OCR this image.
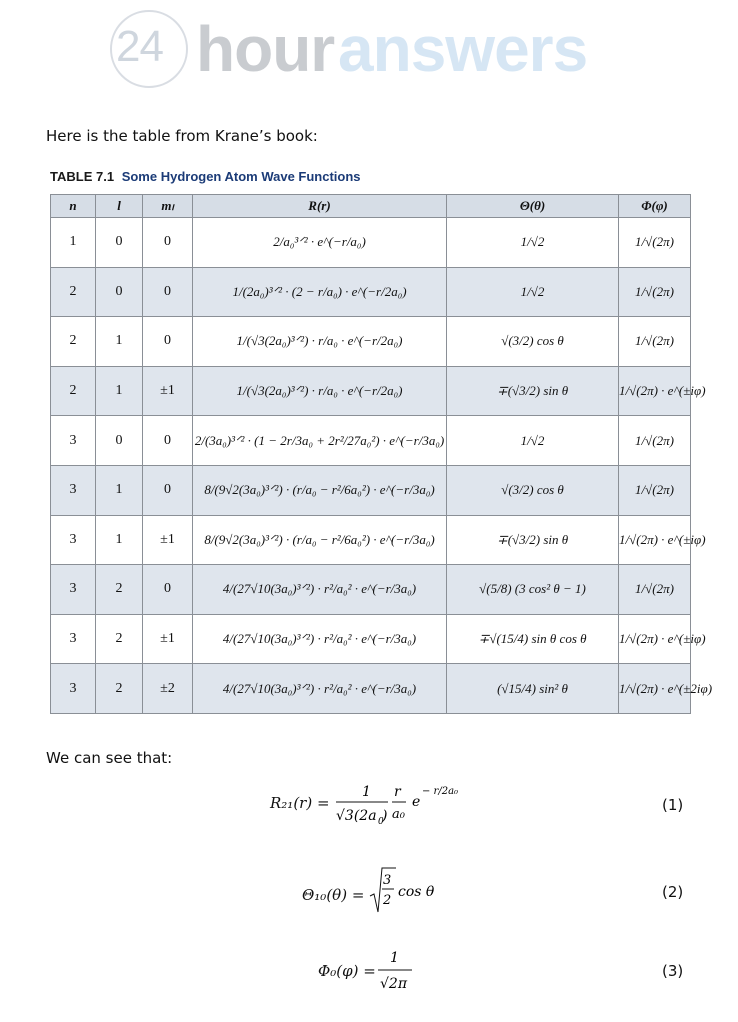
24 hour answers
Here is the table from Krane’s book:
TABLE 7.1 Some Hydrogen Atom Wave Functions
n	l	mₗ	R(r)	Θ(θ)	Φ(φ)
1	0	0	2/a₀³ᐟ² · e^(−r/a₀)	1/√2	1/√(2π)
2	0	0	1/(2a₀)³ᐟ² · (2 − r/a₀) · e^(−r/2a₀)	1/√2	1/√(2π)
2	1	0	1/(√3(2a₀)³ᐟ²) · r/a₀ · e^(−r/2a₀)	√(3/2) cos θ	1/√(2π)
2	1	±1	1/(√3(2a₀)³ᐟ²) · r/a₀ · e^(−r/2a₀)	∓(√3/2) sin θ	1/√(2π) · e^(±iφ)
3	0	0	2/(3a₀)³ᐟ² · (1 − 2r/3a₀ + 2r²/27a₀²) · e^(−r/3a₀)	1/√2	1/√(2π)
3	1	0	8/(9√2(3a₀)³ᐟ²) · (r/a₀ − r²/6a₀²) · e^(−r/3a₀)	√(3/2) cos θ	1/√(2π)
3	1	±1	8/(9√2(3a₀)³ᐟ²) · (r/a₀ − r²/6a₀²) · e^(−r/3a₀)	∓(√3/2) sin θ	1/√(2π) · e^(±iφ)
3	2	0	4/(27√10(3a₀)³ᐟ²) · r²/a₀² · e^(−r/3a₀)	√(5/8) (3 cos² θ − 1)	1/√(2π)
3	2	±1	4/(27√10(3a₀)³ᐟ²) · r²/a₀² · e^(−r/3a₀)	∓√(15/4) sin θ cos θ	1/√(2π) · e^(±iφ)
3	2	±2	4/(27√10(3a₀)³ᐟ²) · r²/a₀² · e^(−r/3a₀)	(√15/4) sin² θ	1/√(2π) · e^(±2iφ)
We can see that:
R₂₁(r) =
1
√3(2a 0
)
r
a₀
e
− r/2a₀
(1)
Θ₁₀(θ) =
3
2
cos θ	(2)
Φ₀(φ) =
1
√2π
(3)
